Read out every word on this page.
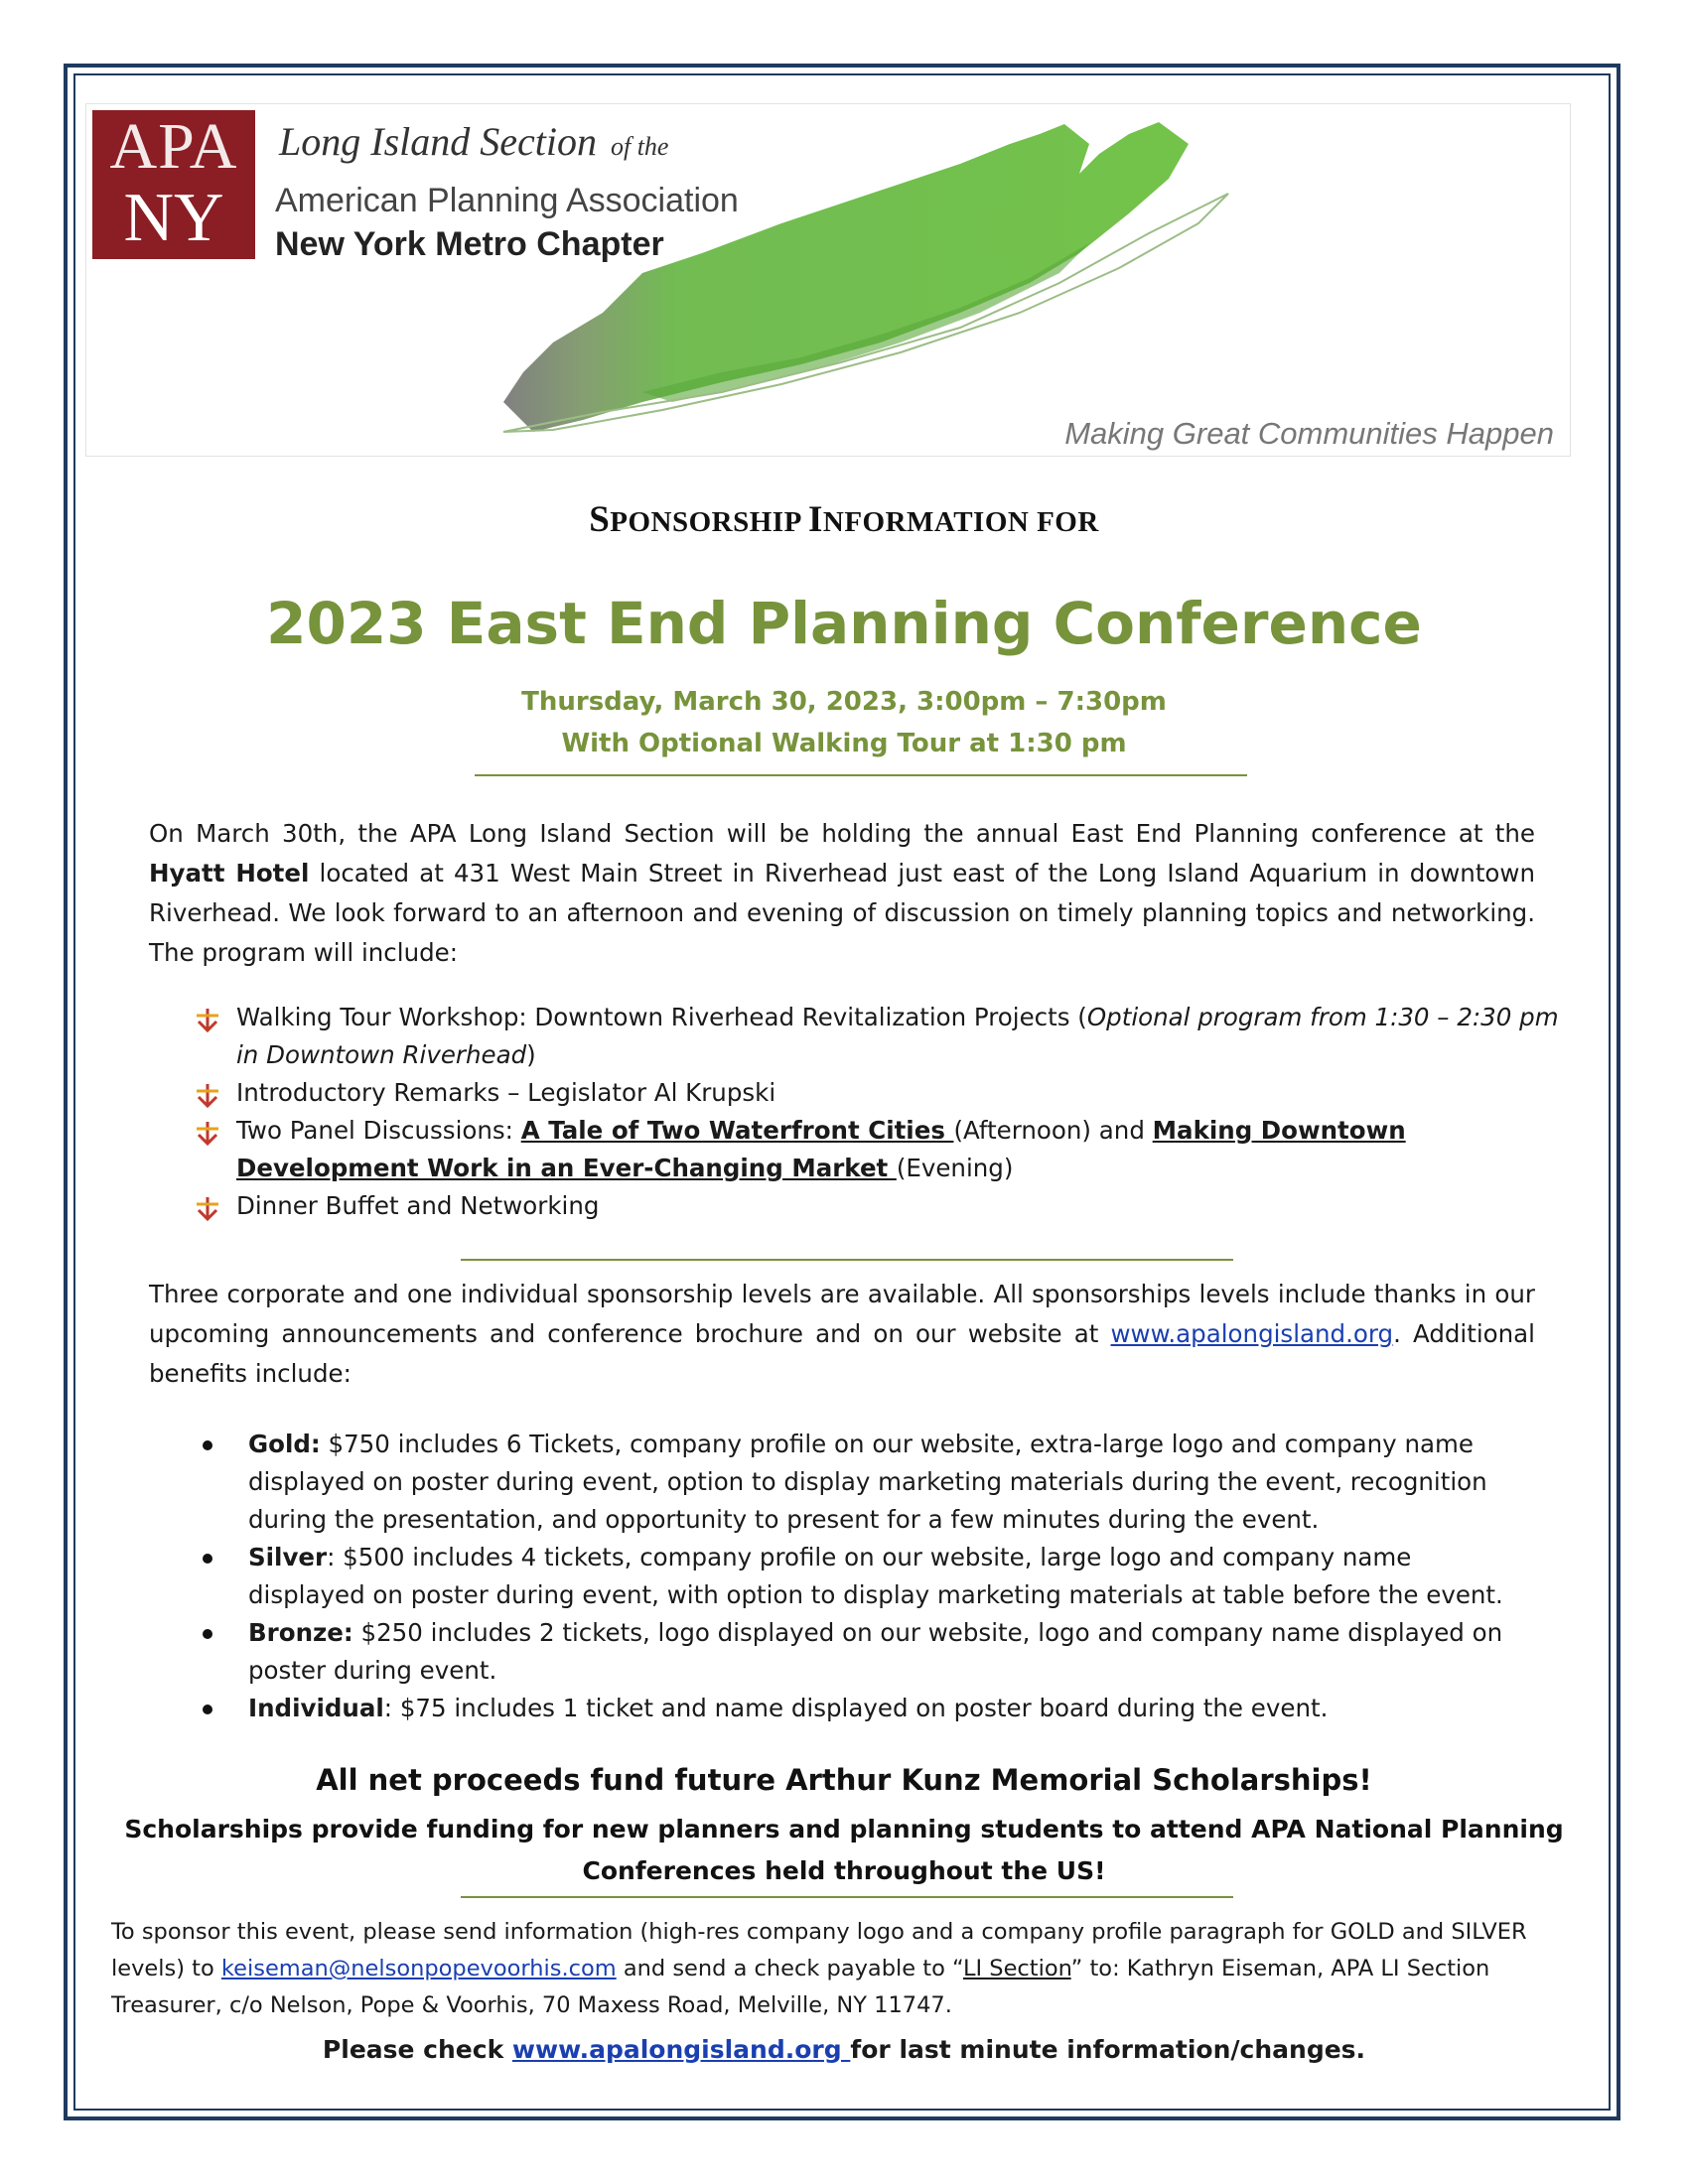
APA
NY
Long Island Section of the
American Planning Association
New York Metro Chapter
Making Great Communities Happen
SPONSORSHIP INFORMATION FOR
2023 East End Planning Conference
Thursday, March 30, 2023, 3:00pm – 7:30pm
With Optional Walking Tour at 1:30 pm
On March 30th, the APA Long Island Section will be holding the annual East End Planning conference at the Hyatt Hotel located at 431 West Main Street in Riverhead just east of the Long Island Aquarium in downtown Riverhead. We look forward to an afternoon and evening of discussion on timely planning topics and networking. The program will include:
Walking Tour Workshop: Downtown Riverhead Revitalization Projects (Optional program from 1:30 – 2:30 pm in Downtown Riverhead)
Introductory Remarks – Legislator Al Krupski
Two Panel Discussions: A Tale of Two Waterfront Cities (Afternoon) and Making Downtown Development Work in an Ever-Changing Market (Evening)
Dinner Buffet and Networking
Three corporate and one individual sponsorship levels are available. All sponsorships levels include thanks in our upcoming announcements and conference brochure and on our website at www.apalongisland.org. Additional benefits include:
Gold: $750 includes 6 Tickets, company profile on our website, extra-large logo and company name displayed on poster during event, option to display marketing materials during the event, recognition during the presentation, and opportunity to present for a few minutes during the event.
Silver: $500 includes 4 tickets, company profile on our website, large logo and company name displayed on poster during event, with option to display marketing materials at table before the event.
Bronze: $250 includes 2 tickets, logo displayed on our website, logo and company name displayed on poster during event.
Individual: $75 includes 1 ticket and name displayed on poster board during the event.
All net proceeds fund future Arthur Kunz Memorial Scholarships!
Scholarships provide funding for new planners and planning students to attend APA National Planning
Conferences held throughout the US!
To sponsor this event, please send information (high-res company logo and a company profile paragraph for GOLD and SILVER levels) to keiseman@nelsonpopevoorhis.com and send a check payable to “LI Section” to: Kathryn Eiseman, APA LI Section Treasurer, c/o Nelson, Pope & Voorhis, 70 Maxess Road, Melville, NY 11747.
Please check www.apalongisland.org for last minute information/changes.
